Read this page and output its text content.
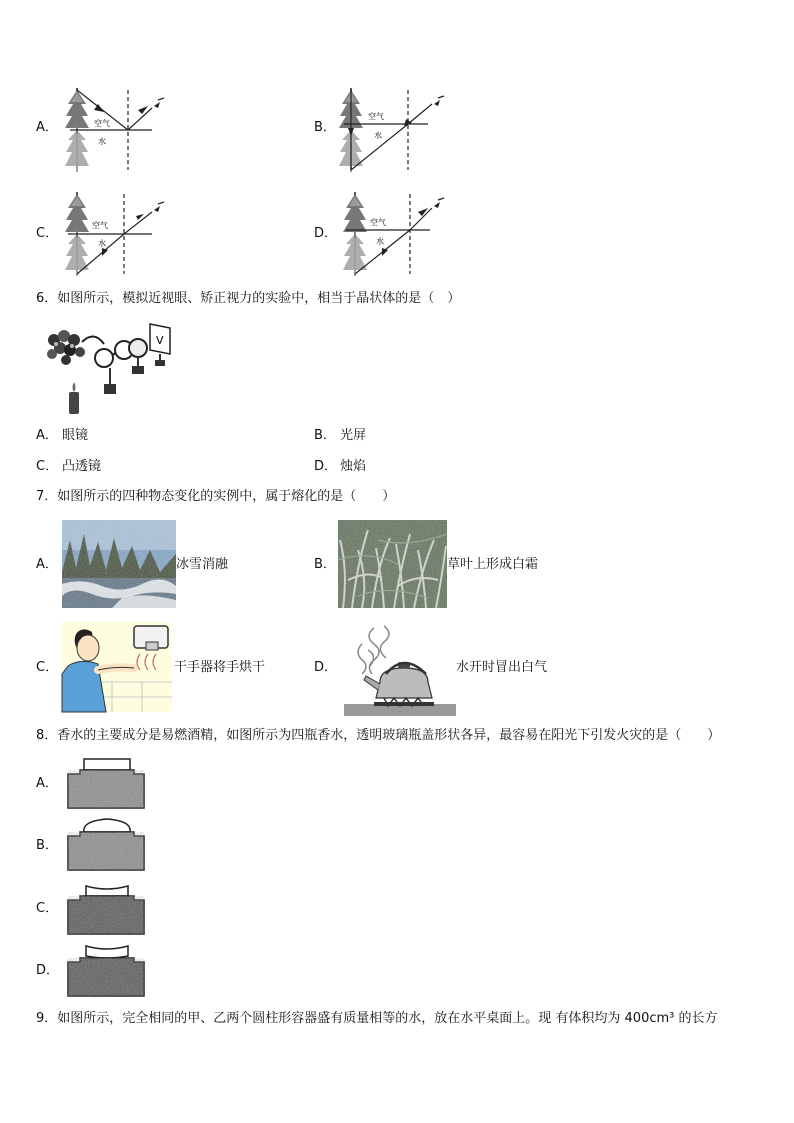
A．	空气
水
B．
空气
水
C．
空气
水
D．
空气
水
6．如图所示，模拟近视眼、矫正视力的实验中，相当于晶状体的是（　）
V
A． 眼镜	B． 光屏
C． 凸透镜	D． 烛焰
7．如图所示的四种物态变化的实例中，属于熔化的是（　　）
A．	冰雪消融	B．	草叶上形成白霜
C．	干手器将手烘干	D．	水开时冒出白气
8．香水的主要成分是易燃酒精，如图所示为四瓶香水，透明玻璃瓶盖形状各异，最容易在阳光下引发火灾的是（　　）
A．
B．
C．
D．
9．如图所示，完全相同的甲、乙两个圆柱形容器盛有质量相等的水，放在水平桌面上。现 有体积均为 400cm³ 的长方
